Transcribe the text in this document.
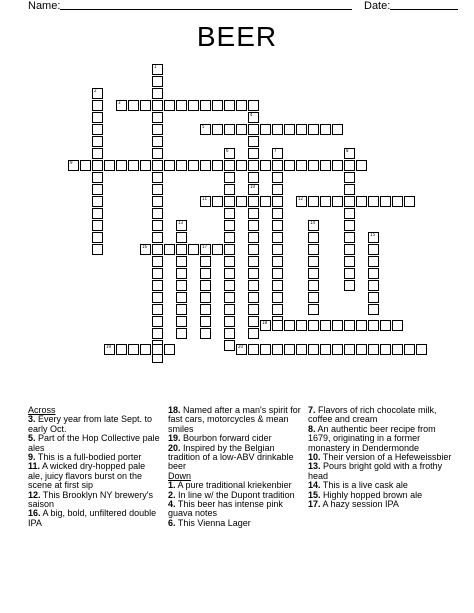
Name:	Date:
BEER
1
2
4
10
6	7	8
13	14
15
17
3
5
9
11	12
16
18
19	20
Across
3. Every year from late Sept. to early Oct.
5. Part of the Hop Collective pale ales
9. This is a full-bodied porter
11. A wicked dry-hopped pale ale, juicy flavors burst on the scene at first sip
12. This Brooklyn NY brewery's saison
16. A big, bold, unfiltered double IPA
18. Named after a man's spirit for fast cars, motorcycles & mean smiles
19. Bourbon forward cider
20. Inspired by the Belgian tradition of a low-ABV drinkable beer
Down
1. A pure traditional kriekenbier
2. In line w/ the Dupont tradition
4. This beer has intense pink guava notes
6. This Vienna Lager
7. Flavors of rich chocolate milk, coffee and cream
8. An authentic beer recipe from 1679, originating in a former monastery in Dendermonde
10. Their version of a Hefeweissbier
13. Pours bright gold with a frothy head
14. This is a live cask ale
15. Highly hopped brown ale
17. A hazy session IPA
